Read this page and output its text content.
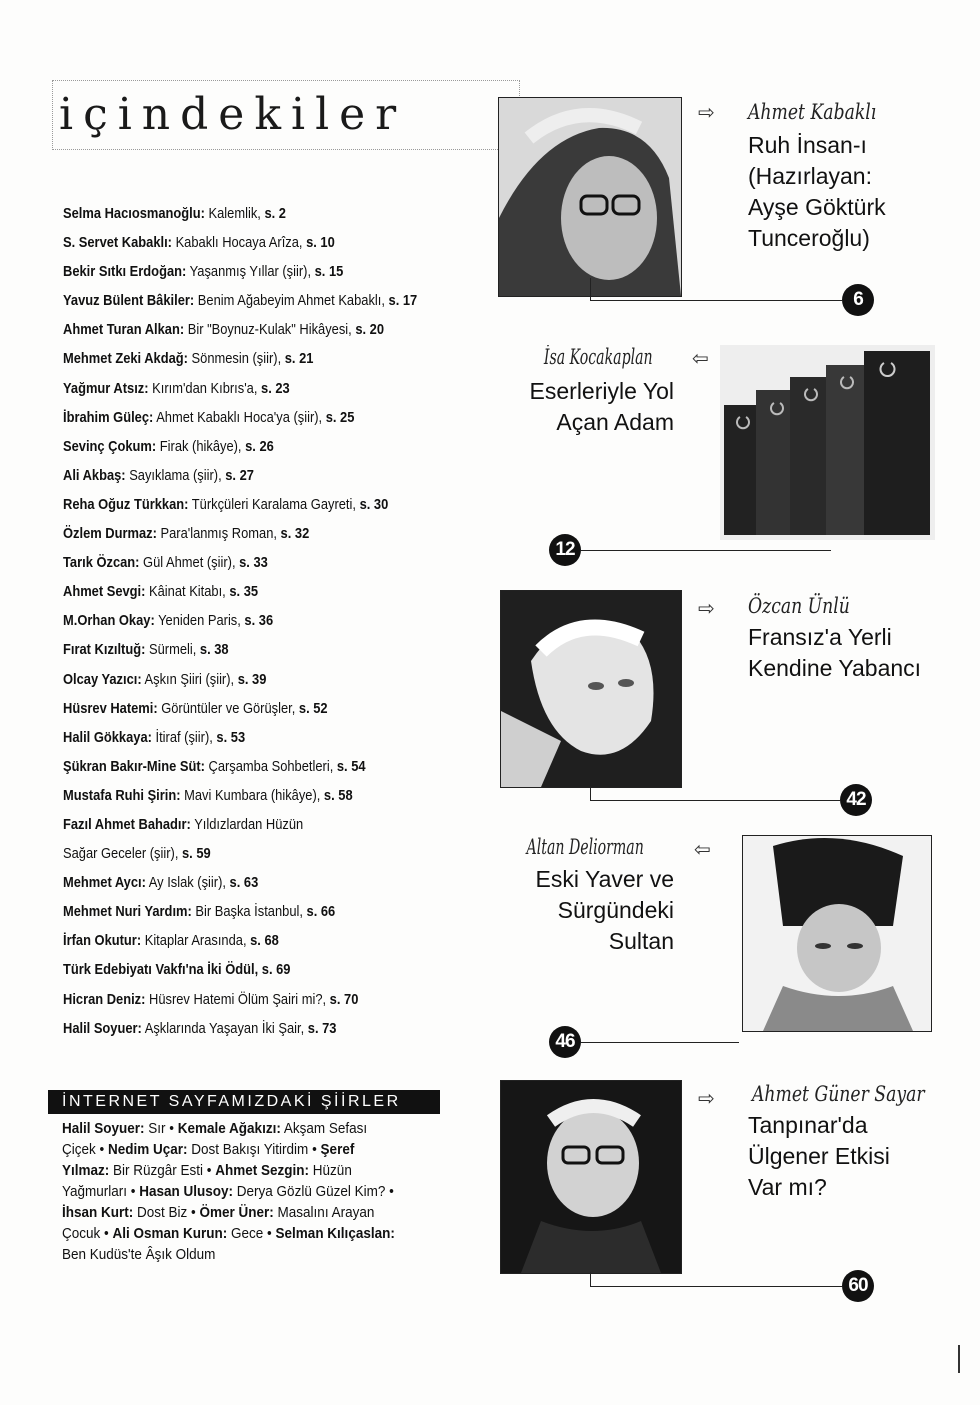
içindekiler
Selma Hacıosmanoğlu: Kalemlik, s. 2
S. Servet Kabaklı: Kabaklı Hocaya Arîza, s. 10
Bekir Sıtkı Erdoğan: Yaşanmış Yıllar (şiir), s. 15
Yavuz Bülent Bâkiler: Benim Ağabeyim Ahmet Kabaklı, s. 17
Ahmet Turan Alkan: Bir "Boynuz-Kulak" Hikâyesi, s. 20
Mehmet Zeki Akdağ: Sönmesin (şiir), s. 21
Yağmur Atsız: Kırım'dan Kıbrıs'a, s. 23
İbrahim Güleç: Ahmet Kabaklı Hoca'ya (şiir), s. 25
Sevinç Çokum: Firak (hikâye), s. 26
Ali Akbaş: Sayıklama (şiir), s. 27
Reha Oğuz Türkkan: Türkçüleri Karalama Gayreti, s. 30
Özlem Durmaz: Para'lanmış Roman, s. 32
Tarık Özcan: Gül Ahmet (şiir), s. 33
Ahmet Sevgi: Kâinat Kitabı, s. 35
M.Orhan Okay: Yeniden Paris, s. 36
Fırat Kızıltuğ: Sürmeli, s. 38
Olcay Yazıcı: Aşkın Şiiri (şiir), s. 39
Hüsrev Hatemi: Görüntüler ve Görüşler, s. 52
Halil Gökkaya: İtiraf (şiir), s. 53
Şükran Bakır-Mine Süt: Çarşamba Sohbetleri, s. 54
Mustafa Ruhi Şirin: Mavi Kumbara (hikâye), s. 58
Fazıl Ahmet Bahadır: Yıldızlardan Hüzün
Sağar Geceler (şiir), s. 59
Mehmet Aycı: Ay Islak (şiir), s. 63
Mehmet Nuri Yardım: Bir Başka İstanbul, s. 66
İrfan Okutur: Kitaplar Arasında, s. 68
Türk Edebiyatı Vakfı'na İki Ödül, s. 69
Hicran Deniz: Hüsrev Hatemi Ölüm Şairi mi?, s. 70
Halil Soyuer: Aşklarında Yaşayan İki Şair, s. 73
İNTERNET SAYFAMIZDAKİ ŞİİRLER
Halil Soyuer: Sır • Kemale Ağakızı: Akşam Sefası Çiçek • Nedim Uçar: Dost Bakışı Yitirdim • Şeref Yılmaz: Bir Rüzgâr Esti • Ahmet Sezgin: Hüzün Yağmurları • Hasan Ulusoy: Derya Gözlü Güzel Kim? • İhsan Kurt: Dost Biz • Ömer Üner: Masalını Arayan Çocuk • Ali Osman Kurun: Gece • Selman Kılıçaslan: Ben Kudüs'te Âşık Oldum
⇨ Ahmet Kabaklı
Ruh İnsan-ı
(Hazırlayan:
Ayşe Göktürk
Tunceroğlu)
6
İsa Kocakaplan
Eserleriyle Yol
Açan Adam
⇦
12
⇨ Özcan Ünlü
Fransız'a Yerli
Kendine Yabancı
42
Altan Deliorman
Eski Yaver ve
Sürgündeki
Sultan
⇦
46
⇨ Ahmet Güner Sayar
Tanpınar'da
Ülgener Etkisi
Var mı?
60
